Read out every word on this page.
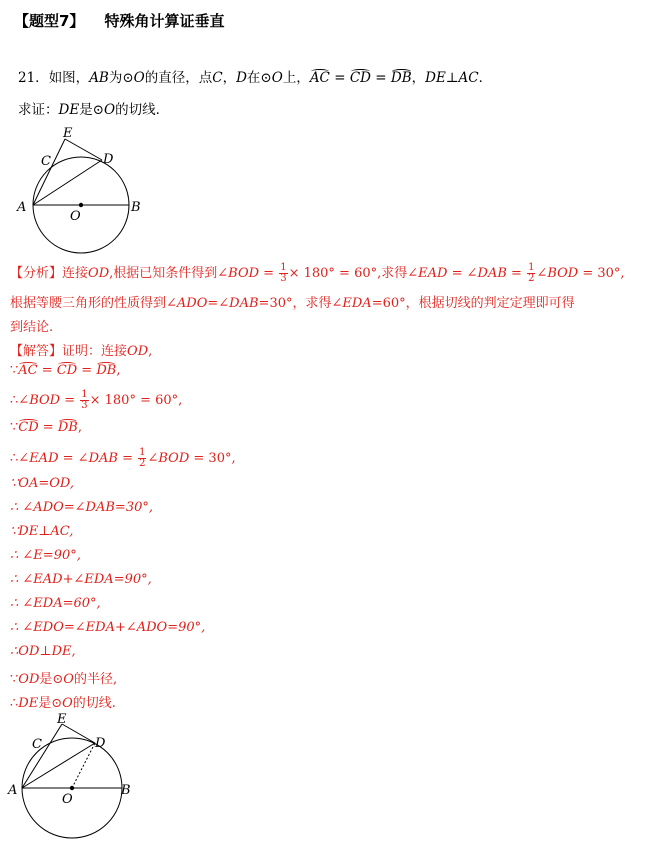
【题型7】 特殊角计算证垂直
21．如图，AB为⊙O的直径，点C，D在⊙O上，AC = CD = DB，DE⊥AC．
求证：DE是⊙O的切线．
E
C	D
A
O
B
【分析】连接OD,根据已知条件得到∠BOD = $\frac{1}{3} \times 180^\circ = 60^\circ$,求得∠EAD = ∠DAB = $\frac{1}{2}$ ∠BOD = 30°,
根据等腰三角形的性质得到∠ADO=∠DAB=30°，求得∠EDA=60°，根据切线的判定定理即可得
到结论.
【解答】证明：连接OD,
∵AC = CD = DB,
∴∠BOD = $\frac{1}{3} \times 180^\circ = 60^\circ$,
∵CD = DB,
∴∠EAD = ∠DAB = $\frac{1}{2}$ ∠BOD = 30°,
∵OA=OD,
∴ ∠ADO=∠DAB=30°,
∵DE⊥AC,
∴ ∠E=90°,
∴ ∠EAD+∠EDA=90°,
∴ ∠EDA=60°,
∴ ∠EDO=∠EDA+∠ADO=90°,
∴OD⊥DE,
∵OD是⊙O的半径,
∴DE是⊙O的切线.
E
C	D
A
O
B
